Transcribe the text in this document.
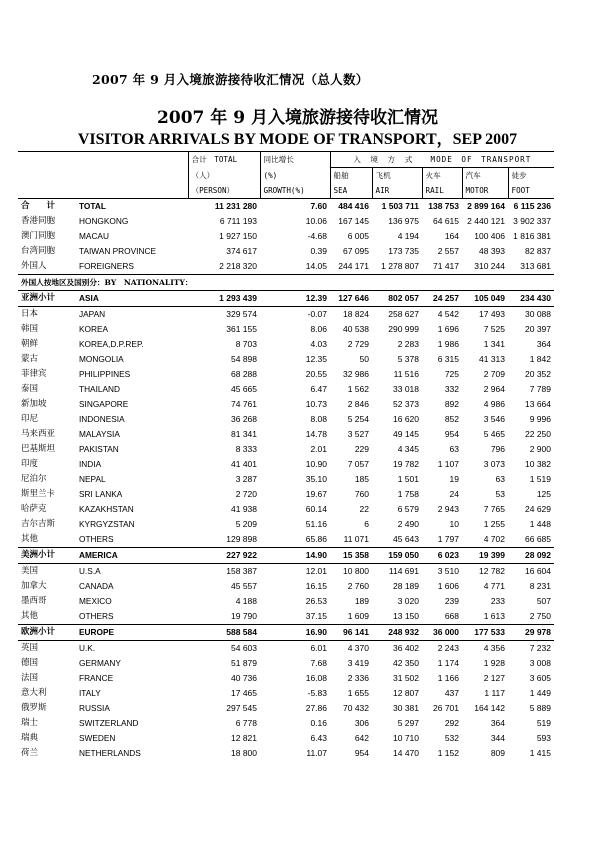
2007 年 9 月入境旅游接待收汇情况（总人数）
2007 年 9 月入境旅游接待收汇情况
VISITOR ARRIVALS BY MODE OF TRANSPORT，SEP 2007
		合计　TOTAL	同比增长	入　境　方　式　　MODE　OF　TRANSPORT				
		（人）	(%)	船舶	飞机	火车	汽车	徒步
		（PERSON）	GROWTH(%)	SEA	AIR	RAIL	MOTOR	FOOT
合　　计	TOTAL	11 231 280	7.60	484 416	1 503 711	138 753	2 899 164	6 115 236
香港同胞	HONGKONG	6 711 193	10.06	167 145	136 975	64 615	2 440 121	3 902 337
澳门同胞	MACAU	1 927 150	-4.68	6 005	4 194	164	100 406	1 816 381
台湾同胞	TAIWAN PROVINCE	374 617	0.39	67 095	173 735	2 557	48 393	82 837
外国人	FOREIGNERS	2 218 320	14.05	244 171	1 278 807	71 417	310 244	313 681
外国人按地区及国别分：BY　NATIONALITY：								
亚洲小计	ASIA	1 293 439	12.39	127 646	802 057	24 257	105 049	234 430
日本	JAPAN	329 574	-0.07	18 824	258 627	4 542	17 493	30 088
韩国	KOREA	361 155	8.06	40 538	290 999	1 696	7 525	20 397
朝鲜	KOREA,D.P.REP.	8 703	4.03	2 729	2 283	1 986	1 341	364
蒙古	MONGOLIA	54 898	12.35	50	5 378	6 315	41 313	1 842
菲律宾	PHILIPPINES	68 288	20.55	32 986	11 516	725	2 709	20 352
泰国	THAILAND	45 665	6.47	1 562	33 018	332	2 964	7 789
新加坡	SINGAPORE	74 761	10.73	2 846	52 373	892	4 986	13 664
印尼	INDONESIA	36 268	8.08	5 254	16 620	852	3 546	9 996
马来西亚	MALAYSIA	81 341	14.78	3 527	49 145	954	5 465	22 250
巴基斯坦	PAKISTAN	8 333	2.01	229	4 345	63	796	2 900
印度	INDIA	41 401	10.90	7 057	19 782	1 107	3 073	10 382
尼泊尔	NEPAL	3 287	35.10	185	1 501	19	63	1 519
斯里兰卡	SRI LANKA	2 720	19.67	760	1 758	24	53	125
哈萨克	KAZAKHSTAN	41 938	60.14	22	6 579	2 943	7 765	24 629
吉尔吉斯	KYRGYZSTAN	5 209	51.16	6	2 490	10	1 255	1 448
其他	OTHERS	129 898	65.86	11 071	45 643	1 797	4 702	66 685
美洲小计	AMERICA	227 922	14.90	15 358	159 050	6 023	19 399	28 092
美国	U.S.A	158 387	12.01	10 800	114 691	3 510	12 782	16 604
加拿大	CANADA	45 557	16.15	2 760	28 189	1 606	4 771	8 231
墨西哥	MEXICO	4 188	26.53	189	3 020	239	233	507
其他	OTHERS	19 790	37.15	1 609	13 150	668	1 613	2 750
欧洲小计	EUROPE	588 584	16.90	96 141	248 932	36 000	177 533	29 978
英国	U.K.	54 603	6.01	4 370	36 402	2 243	4 356	7 232
德国	GERMANY	51 879	7.68	3 419	42 350	1 174	1 928	3 008
法国	FRANCE	40 736	16.08	2 336	31 502	1 166	2 127	3 605
意大利	ITALY	17 465	-5.83	1 655	12 807	437	1 117	1 449
俄罗斯	RUSSIA	297 545	27.86	70 432	30 381	26 701	164 142	5 889
瑞士	SWITZERLAND	6 778	0.16	306	5 297	292	364	519
瑞典	SWEDEN	12 821	6.43	642	10 710	532	344	593
荷兰	NETHERLANDS	18 800	11.07	954	14 470	1 152	809	1 415
